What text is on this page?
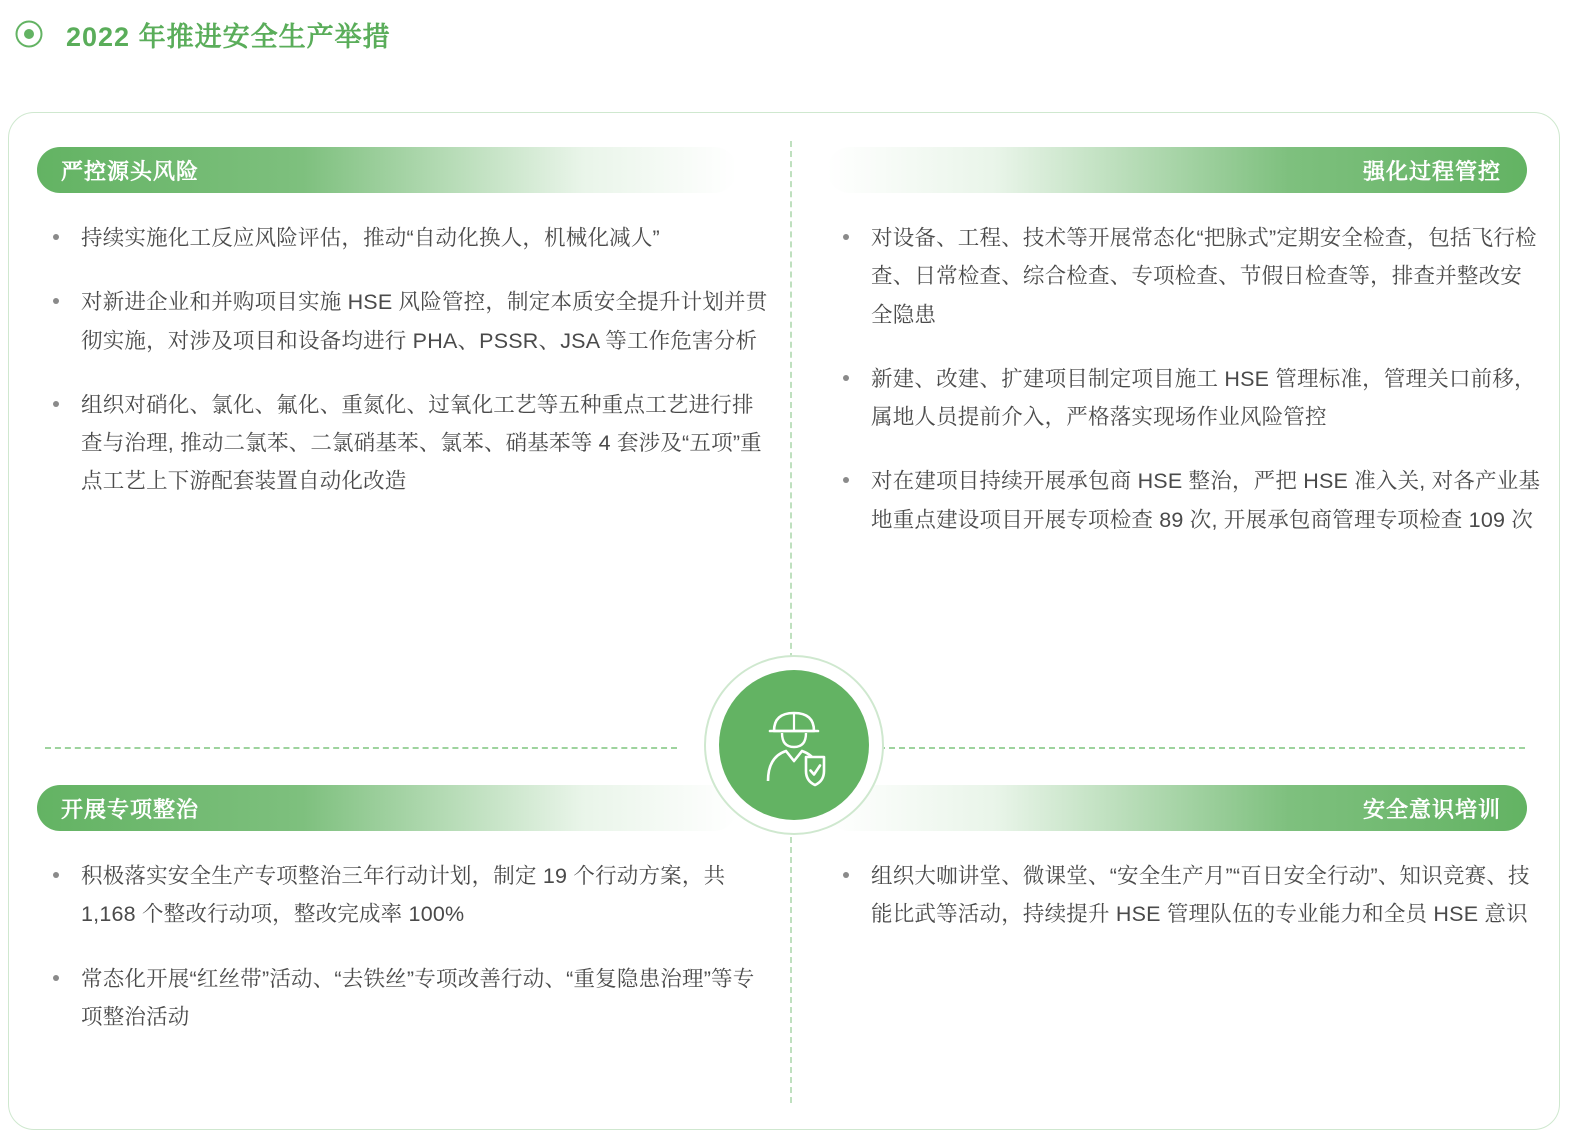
2022 年推进安全生产举措
严控源头风险
持续实施化工反应风险评估，推动“自动化换人，机械化减人”
对新进企业和并购项目实施 HSE 风险管控，制定本质安全提升计划并贯彻实施，对涉及项目和设备均进行 PHA、PSSR、JSA 等工作危害分析
组织对硝化、氯化、氟化、重氮化、过氧化工艺等五种重点工艺进行排查与治理, 推动二氯苯、二氯硝基苯、氯苯、硝基苯等 4 套涉及“五项”重点工艺上下游配套装置自动化改造
强化过程管控
对设备、工程、技术等开展常态化“把脉式”定期安全检查，包括飞行检查、日常检查、综合检查、专项检查、节假日检查等，排查并整改安全隐患
新建、改建、扩建项目制定项目施工 HSE 管理标准，管理关口前移，属地人员提前介入，严格落实现场作业风险管控
对在建项目持续开展承包商 HSE 整治，严把 HSE 准入关, 对各产业基地重点建设项目开展专项检查 89 次, 开展承包商管理专项检查 109 次
开展专项整治
积极落实安全生产专项整治三年行动计划，制定 19 个行动方案，共 1,168 个整改行动项，整改完成率 100%
常态化开展“红丝带”活动、“去铁丝”专项改善行动、“重复隐患治理”等专项整治活动
安全意识培训
组织大咖讲堂、微课堂、“安全生产月”“百日安全行动”、知识竞赛、技能比武等活动，持续提升 HSE 管理队伍的专业能力和全员 HSE 意识
